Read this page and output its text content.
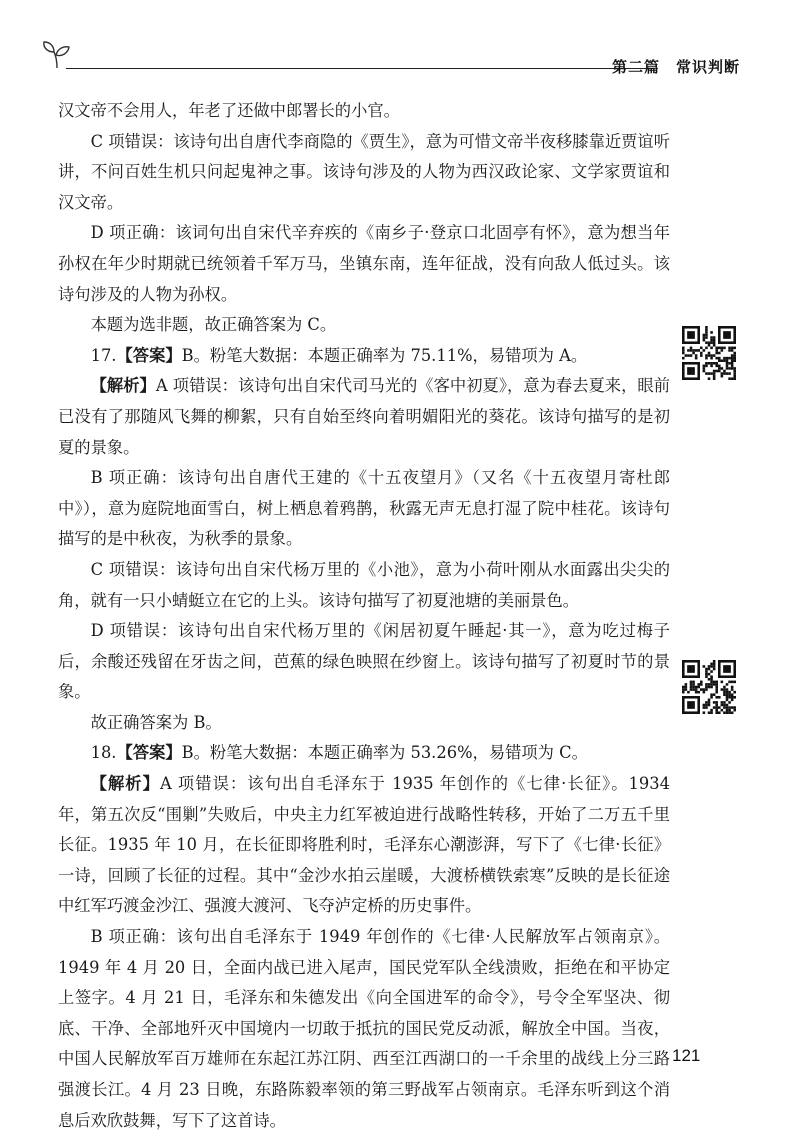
第二篇　常识判断

汉文帝不会用人，年老了还做中郎署长的小官。

C 项错误：该诗句出自唐代李商隐的《贾生》，意为可惜文帝半夜移膝靠近贾谊听讲，不问百姓生机只问起鬼神之事。该诗句涉及的人物为西汉政论家、文学家贾谊和汉文帝。

D 项正确：该词句出自宋代辛弃疾的《南乡子·登京口北固亭有怀》，意为想当年孙权在年少时期就已统领着千军万马，坐镇东南，连年征战，没有向敌人低过头。该诗句涉及的人物为孙权。

本题为选非题，故正确答案为 C。

17.【答案】B。粉笔大数据：本题正确率为 75.11%，易错项为 A。

【解析】A 项错误：该诗句出自宋代司马光的《客中初夏》，意为春去夏来，眼前已没有了那随风飞舞的柳絮，只有自始至终向着明媚阳光的葵花。该诗句描写的是初夏的景象。

B 项正确：该诗句出自唐代王建的《十五夜望月》（又名《十五夜望月寄杜郎中》），意为庭院地面雪白，树上栖息着鸦鹊，秋露无声无息打湿了院中桂花。该诗句描写的是中秋夜，为秋季的景象。

C 项错误：该诗句出自宋代杨万里的《小池》，意为小荷叶刚从水面露出尖尖的角，就有一只小蜻蜓立在它的上头。该诗句描写了初夏池塘的美丽景色。

D 项错误：该诗句出自宋代杨万里的《闲居初夏午睡起·其一》，意为吃过梅子后，余酸还残留在牙齿之间，芭蕉的绿色映照在纱窗上。该诗句描写了初夏时节的景象。

故正确答案为 B。

18.【答案】B。粉笔大数据：本题正确率为 53.26%，易错项为 C。

【解析】A 项错误：该句出自毛泽东于 1935 年创作的《七律·长征》。1934 年，第五次反“围剿”失败后，中央主力红军被迫进行战略性转移，开始了二万五千里长征。1935 年 10 月，在长征即将胜利时，毛泽东心潮澎湃，写下了《七律·长征》一诗，回顾了长征的过程。其中“金沙水拍云崖暖，大渡桥横铁索寒”反映的是长征途中红军巧渡金沙江、强渡大渡河、飞夺泸定桥的历史事件。

B 项正确：该句出自毛泽东于 1949 年创作的《七律·人民解放军占领南京》。1949 年 4 月 20 日，全面内战已进入尾声，国民党军队全线溃败，拒绝在和平协定上签字。4 月 21 日，毛泽东和朱德发出《向全国进军的命令》，号令全军坚决、彻底、干净、全部地歼灭中国境内一切敢于抵抗的国民党反动派，解放全中国。当夜，中国人民解放军百万雄师在东起江苏江阴、西至江西湖口的一千余里的战线上分三路强渡长江。4 月 23 日晚，东路陈毅率领的第三野战军占领南京。毛泽东听到这个消息后欢欣鼓舞，写下了这首诗。

121
